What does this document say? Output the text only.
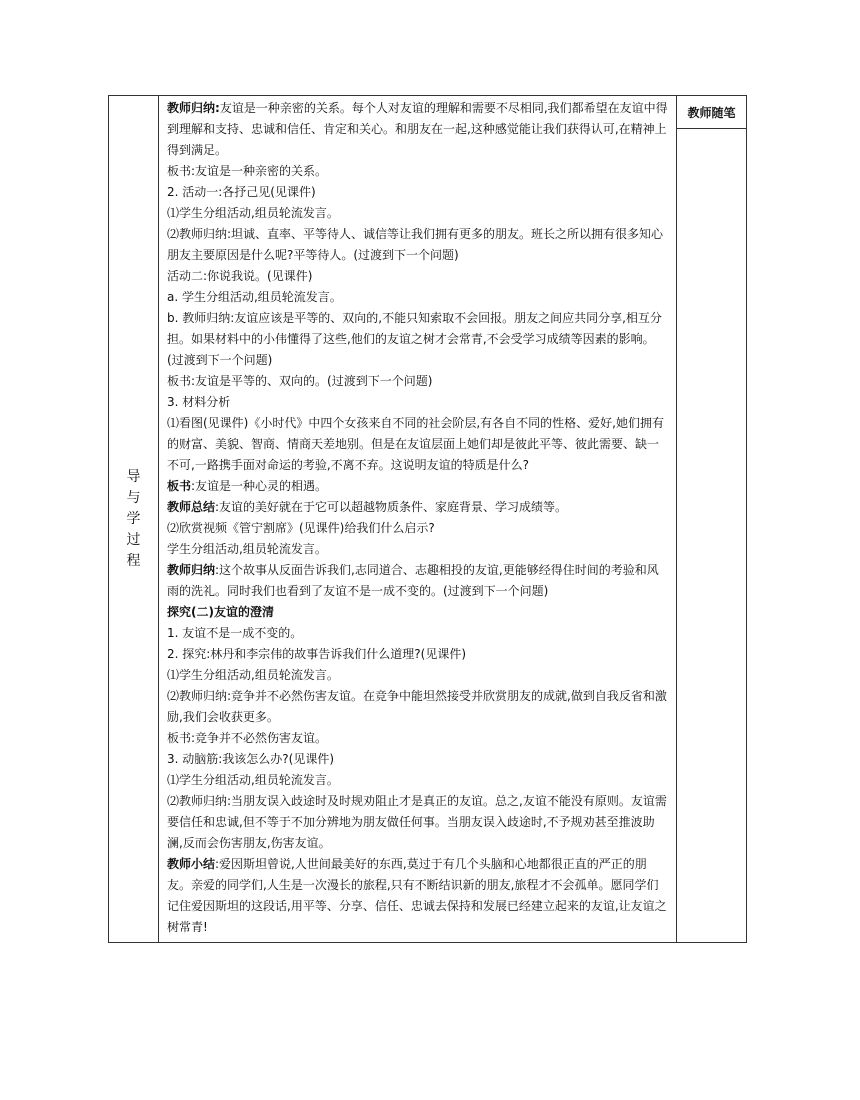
导与学过程

教师归纳:友谊是一种亲密的关系。每个人对友谊的理解和需要不尽相同,我们都希望在友谊中得到理解和支持、忠诚和信任、肯定和关心。和朋友在一起,这种感觉能让我们获得认可,在精神上得到满足。

板书:友谊是一种亲密的关系。

2. 活动一:各抒己见(见课件)

⑴学生分组活动,组员轮流发言。

⑵教师归纳:坦诚、直率、平等待人、诚信等让我们拥有更多的朋友。班长之所以拥有很多知心朋友主要原因是什么呢?平等待人。(过渡到下一个问题)

活动二:你说我说。(见课件)

a. 学生分组活动,组员轮流发言。

b. 教师归纳:友谊应该是平等的、双向的,不能只知索取不会回报。朋友之间应共同分享,相互分担。如果材料中的小伟懂得了这些,他们的友谊之树才会常青,不会受学习成绩等因素的影响。(过渡到下一个问题)

板书:友谊是平等的、双向的。(过渡到下一个问题)

3. 材料分析

⑴看图(见课件)《小时代》中四个女孩来自不同的社会阶层,有各自不同的性格、爱好,她们拥有的财富、美貌、智商、情商天差地别。但是在友谊层面上她们却是彼此平等、彼此需要、缺一不可,一路携手面对命运的考验,不离不弃。这说明友谊的特质是什么?

板书:友谊是一种心灵的相遇。

教师总结:友谊的美好就在于它可以超越物质条件、家庭背景、学习成绩等。

⑵欣赏视频《管宁割席》(见课件)给我们什么启示?

学生分组活动,组员轮流发言。

教师归纳:这个故事从反面告诉我们,志同道合、志趣相投的友谊,更能够经得住时间的考验和风雨的洗礼。同时我们也看到了友谊不是一成不变的。(过渡到下一个问题)

探究(二)友谊的澄清

1. 友谊不是一成不变的。

2. 探究:林丹和李宗伟的故事告诉我们什么道理?(见课件)

⑴学生分组活动,组员轮流发言。

⑵教师归纳:竞争并不必然伤害友谊。在竞争中能坦然接受并欣赏朋友的成就,做到自我反省和激励,我们会收获更多。

板书:竞争并不必然伤害友谊。

3. 动脑筋:我该怎么办?(见课件)

⑴学生分组活动,组员轮流发言。

⑵教师归纳:当朋友误入歧途时及时规劝阻止才是真正的友谊。总之,友谊不能没有原则。友谊需要信任和忠诚,但不等于不加分辨地为朋友做任何事。当朋友误入歧途时,不予规劝甚至推波助澜,反而会伤害朋友,伤害友谊。

教师小结:爱因斯坦曾说,人世间最美好的东西,莫过于有几个头脑和心地都很正直的严正的朋友。亲爱的同学们,人生是一次漫长的旅程,只有不断结识新的朋友,旅程才不会孤单。愿同学们记住爱因斯坦的这段话,用平等、分享、信任、忠诚去保持和发展已经建立起来的友谊,让友谊之树常青!

教师随笔
